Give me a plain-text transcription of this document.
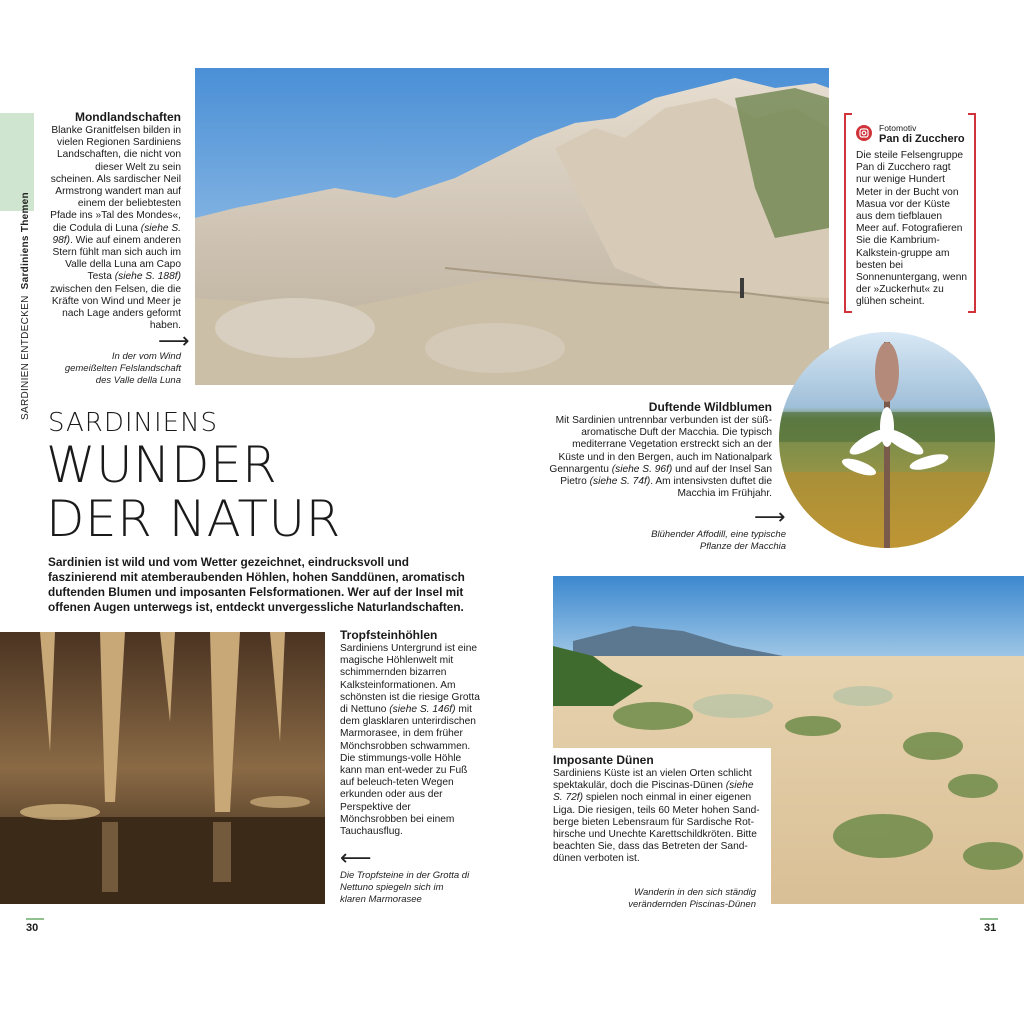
SARDINIEN ENTDECKENSardiniens Themen
Mondlandschaften
Blanke Granitfelsen bilden in vielen Regionen Sardiniens Landschaften, die nicht von dieser Welt zu sein scheinen. Als sardischer Neil Armstrong wandert man auf einem der beliebtesten Pfade ins »Tal des Mondes«, die Codula di Luna (siehe S. 98f). Wie auf einem anderen Stern fühlt man sich auch im Valle della Luna am Capo Testa (siehe S. 188f) zwischen den Felsen, die die Kräfte von Wind und Meer je nach Lage anders geformt haben.
⟶
In der vom Wind gemeißelten Felslandschaft des Valle della Luna
Fotomotiv
Pan di Zucchero
Die steile Felsengruppe Pan di Zucchero ragt nur wenige Hundert Meter in der Bucht von Masua vor der Küste aus dem tiefblauen Meer auf. Fotografieren Sie die Kambrium-Kalkstein-gruppe am besten bei Sonnenuntergang, wenn der »Zuckerhut« zu glühen scheint.
SARDINIENS
WUNDER
DER NATUR
Sardinien ist wild und vom Wetter gezeichnet, eindrucksvoll und faszinierend mit atemberaubenden Höhlen, hohen Sanddünen, aromatisch duftenden Blumen und imposanten Felsformationen. Wer auf der Insel mit offenen Augen unterwegs ist, entdeckt unvergessliche Naturlandschaften.
Duftende Wildblumen
Mit Sardinien untrennbar verbunden ist der süß-aromatische Duft der Macchia. Die typisch mediterrane Vegetation erstreckt sich an der Küste und in den Bergen, auch im Nationalpark Gennargentu (siehe S. 96f) und auf der Insel San Pietro (siehe S. 74f). Am intensivsten duftet die Macchia im Frühjahr.
⟶
Blühender Affodill, eine typische Pflanze der Macchia
Tropfsteinhöhlen
Sardiniens Untergrund ist eine magische Höhlenwelt mit schimmernden bizarren Kalksteinformationen. Am schönsten ist die riesige Grotta di Nettuno (siehe S. 146f) mit dem glasklaren unterirdischen Marmorasee, in dem früher Mönchsrobben schwammen. Die stimmungs-volle Höhle kann man ent-weder zu Fuß auf beleuch-teten Wegen erkunden oder aus der Perspektive der Mönchsrobben bei einem Tauchausflug.
⟵
Die Tropfsteine in der Grotta di Nettuno spiegeln sich im klaren Marmorasee
Imposante Dünen
Sardiniens Küste ist an vielen Orten schlicht spektakulär, doch die Piscinas-Dünen (siehe S. 72f) spielen noch einmal in einer eigenen Liga. Die riesigen, teils 60 Meter hohen Sand-berge bieten Lebensraum für Sardische Rot-hirsche und Unechte Karettschildkröten. Bitte beachten Sie, dass das Betreten der Sand-dünen verboten ist.
Wanderin in den sich ständig verändernden Piscinas-Dünen
30	31
